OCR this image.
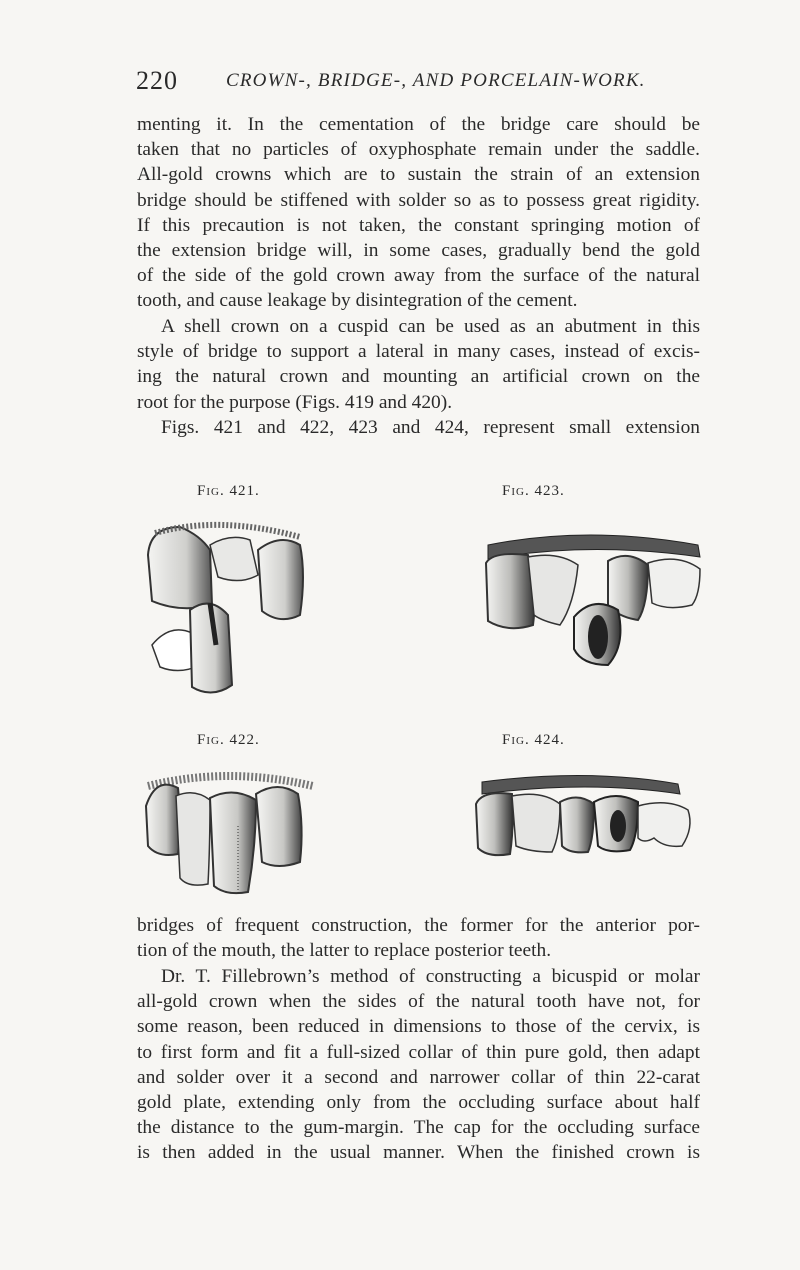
220	CROWN-, BRIDGE-, AND PORCELAIN-WORK.
menting it. In the cementation of the bridge care should be
taken that no particles of oxyphosphate remain under the saddle.
All-gold crowns which are to sustain the strain of an extension
bridge should be stiffened with solder so as to possess great rigidity.
If this precaution is not taken, the constant springing motion of
the extension bridge will, in some cases, gradually bend the gold
of the side of the gold crown away from the surface of the natural
tooth, and cause leakage by disintegration of the cement.
A shell crown on a cuspid can be used as an abutment in this
style of bridge to support a lateral in many cases, instead of excis-
ing the natural crown and mounting an artificial crown on the
root for the purpose (Figs. 419 and 420).
Figs. 421 and 422, 423 and 424, represent small extension
Fig. 421.	Fig. 423.
Fig. 422.	Fig. 424.
bridges of frequent construction, the former for the anterior por-
tion of the mouth, the latter to replace posterior teeth.
Dr. T. Fillebrown’s method of constructing a bicuspid or molar
all-gold crown when the sides of the natural tooth have not, for
some reason, been reduced in dimensions to those of the cervix, is
to first form and fit a full-sized collar of thin pure gold, then adapt
and solder over it a second and narrower collar of thin 22-carat
gold plate, extending only from the occluding surface about half
the distance to the gum-margin. The cap for the occluding surface
is then added in the usual manner. When the finished crown is
